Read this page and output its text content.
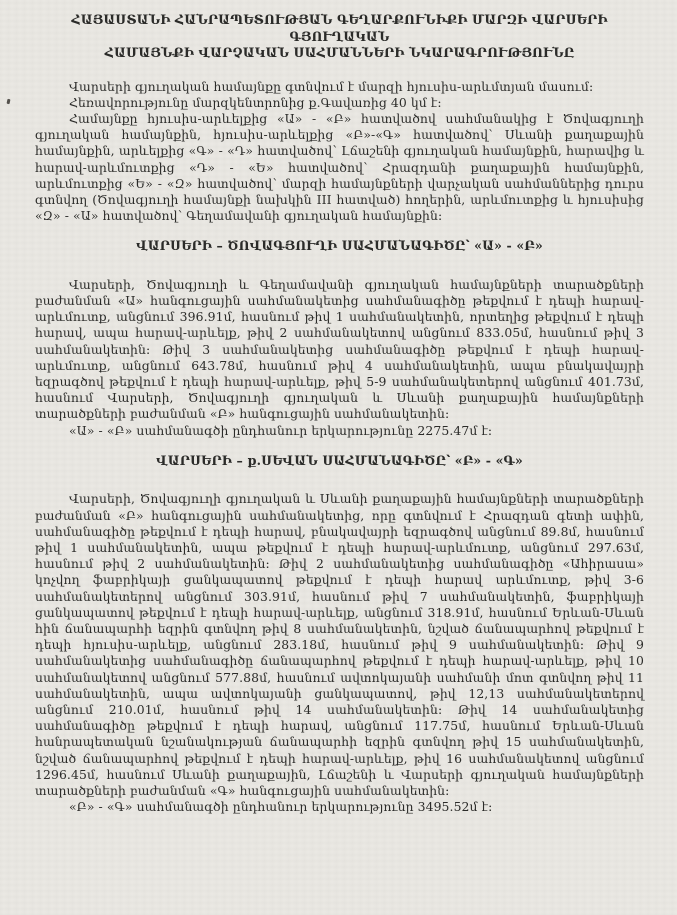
ՀԱՅԱՍՏԱՆԻ ՀԱՆՐԱՊԵՏՈՒԹՅԱՆ ԳԵՂԱՐՔՈՒՆԻՔԻ ՄԱՐԶԻ ՎԱՐՍԵՐԻ ԳՅՈՒՂԱԿԱՆ
ՀԱՄԱՅՆՔԻ ՎԱՐՉԱԿԱՆ ՍԱՀՄԱՆՆԵՐԻ ՆԿԱՐԱԳՐՈՒԹՅՈՒՆԸ

Վարսերի գյուղական համայնքը գտնվում է մարզի հյուսիս-արևմտյան մասում։

Հեռավորությունը մարզկենտրոնից ք.Գավառից 40 կմ է։

Համայնքը հյուսիս-արևելքից «Ա» - «Բ» հատվածով սահմանակից է Ծովագյուղի գյուղական համայնքին, հյուսիս-արևելքից «Բ»-«Գ» հատվածով՝ Սևանի քաղաքային համայնքին, արևելքից «Գ» - «Դ» հատվածով՝ Լճաշենի գյուղական համայնքին, հարավից և հարավ-արևմուտքից «Դ» - «Ե» հատվածով՝ Հրազդանի քաղաքային համայնքին, արևմուտքից «Ե» - «Զ» հատվածով՝ մարզի համայնքների վարչական սահմաններից դուրս գտնվող (Ծովագյուղի համայնքի նախկին III հատված) հողերին, արևմուտքից և հյուսիսից «Զ» - «Ա» հատվածով՝ Գեղամավանի գյուղական համայնքին։

ՎԱՐՍԵՐԻ – ԾՈՎԱԳՅՈՒՂԻ ՍԱՀՄԱՆԱԳԻԾԸ՝ «Ա» - «Բ»

Վարսերի, Ծովագյուղի և Գեղամավանի գյուղական համայնքների տարածքների բաժանման «Ա» հանգուցային սահմանակետից սահմանագիծը թեքվում է դեպի հարավ-արևմուտք, անցնում 396.91մ, հասնում թիվ 1 սահմանակետին, որտեղից թեքվում է դեպի հարավ, ապա հարավ-արևելք, թիվ 2 սահմանակետով անցնում 833.05մ, հասնում թիվ 3 սահմանակետին։ Թիվ 3 սահմանակետից սահմանագիծը թեքվում է դեպի հարավ-արևմուտք, անցնում 643.78մ, հասնում թիվ 4 սահմանակետին, ապա բնակավայրի եզրագծով թեքվում է դեպի հարավ-արևելք, թիվ 5-9 սահմանակետերով անցնում 401.73մ, հասնում Վարսերի, Ծովագյուղի գյուղական և Սևանի քաղաքային համայնքների տարածքների բաժանման «Բ» հանգուցային սահմանակետին։

«Ա» - «Բ» սահմանագծի ընդհանուր երկարությունը 2275.47մ է։

ՎԱՐՍԵՐԻ – ք.ՍԵՎԱՆ ՍԱՀՄԱՆԱԳԻԾԸ՝ «Բ» - «Գ»

Վարսերի, Ծովագյուղի գյուղական և Սևանի քաղաքային համայնքների տարածքների բաժանման «Բ» հանգուցային սահմանակետից, որը գտնվում է Հրազդան գետի ափին, սահմանագիծը թեքվում է դեպի հարավ, բնակավայրի եզրագծով անցնում 89.8մ, հասնում թիվ 1 սահմանակետին, ապա թեքվում է դեպի հարավ-արևմուտք, անցնում 297.63մ, հասնում թիվ 2 սահմանակետին։ Թիվ 2 սահմանակետից սահմանագիծը «Ահիրասա» կոչվող ֆաբրիկայի ցանկապատով թեքվում է դեպի հարավ արևմուտք, թիվ 3-6 սահմանակետերով անցնում 303.91մ, հասնում թիվ 7 սահմանակետին, ֆաբրիկայի ցանկապատով թեքվում է դեպի հարավ-արևելք, անցնում 318.91մ, հասնում Երևան-Սևան հին ճանապարհի եզրին գտնվող թիվ 8 սահմանակետին, նշված ճանապարհով թեքվում է դեպի հյուսիս-արևելք, անցնում 283.18մ, հասնում թիվ 9 սահմանակետին։ Թիվ 9 սահմանակետից սահմանագիծը ճանապարհով թեքվում է դեպի հարավ-արևելք, թիվ 10 սահմանակետով անցնում 577.88մ, հասնում ավտոկայանի սահմանի մոտ գտնվող թիվ 11 սահմանակետին, ապա ավտոկայանի ցանկապատով, թիվ 12,13 սահմանակետերով անցնում 210.01մ, հասնում թիվ 14 սահմանակետին։ Թիվ 14 սահմանակետից սահմանագիծը թեքվում է դեպի հարավ, անցնում 117.75մ, հասնում Երևան-Սևան հանրապետական նշանակության ճանապարհի եզրին գտնվող թիվ 15 սահմանակետին, նշված ճանապարհով թեքվում է դեպի հարավ-արևելք, թիվ 16 սահմանակետով անցնում 1296.45մ, հասնում Սևանի քաղաքային, Լճաշենի և Վարսերի գյուղական համայնքների տարածքների բաժանման «Գ» հանգուցային սահմանակետին։

«Բ» - «Գ» սահմանագծի ընդհանուր երկարությունը 3495.52մ է։
